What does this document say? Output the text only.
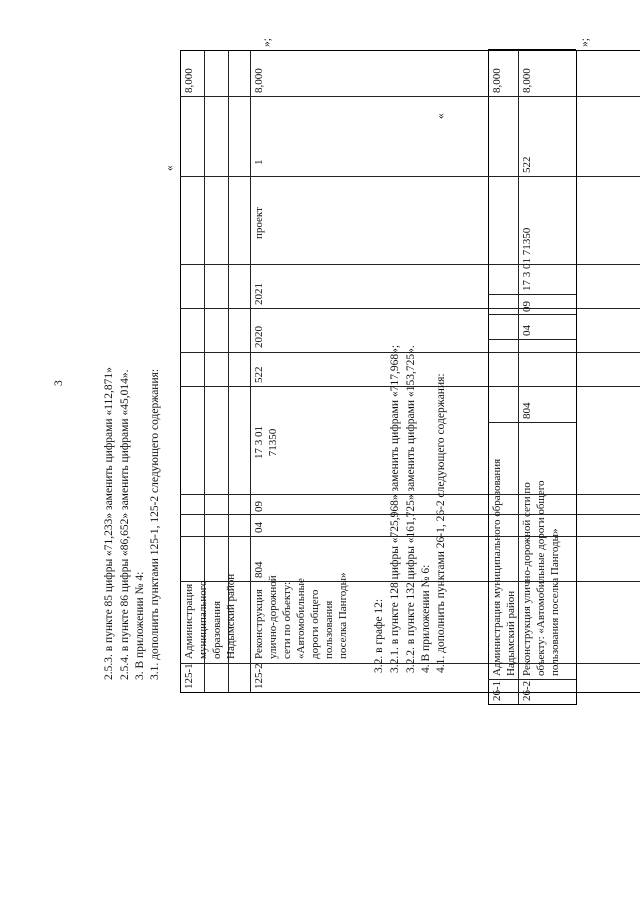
3	2.5.3. в пункте 85 цифры «71,233» заменить цифрами «112,871» 2.5.4. в пункте 86 цифры «86,652» заменить цифрами «45,014». 3. В приложении № 4: 3.1. дополнить пунктами 125-1, 125-2 следующего содержания:
«
125-1
Администрация муниципального образования Надымский район
8,000
125-2
Реконструкция улично-дорожной сети по объекту: «Автомобильные дороги общего пользования поселка Пангоды»
804
04
09
17 3 01 71350
522
2020
2021
проект
1
8,000
»;
3.2. в графе 12: 3.2.1. в пункте 128 цифры «725,968» заменить цифрами «717,968»; 3.2.2. в пункте 132 цифры «161,725» заменить цифрами «153,725». 4. В приложении № 6: 4.1. дополнить пунктами 26-1, 26-2 следующего содержания:
«
26-1
Администрация муниципального образования Надымский район
8,000
26-2
Реконструкция улично-дорожной сети по объекту: «Автомобильные дороги общего пользования поселка Пангоды»
804
04
09
17 3 01 71350
522
8,000
»;
